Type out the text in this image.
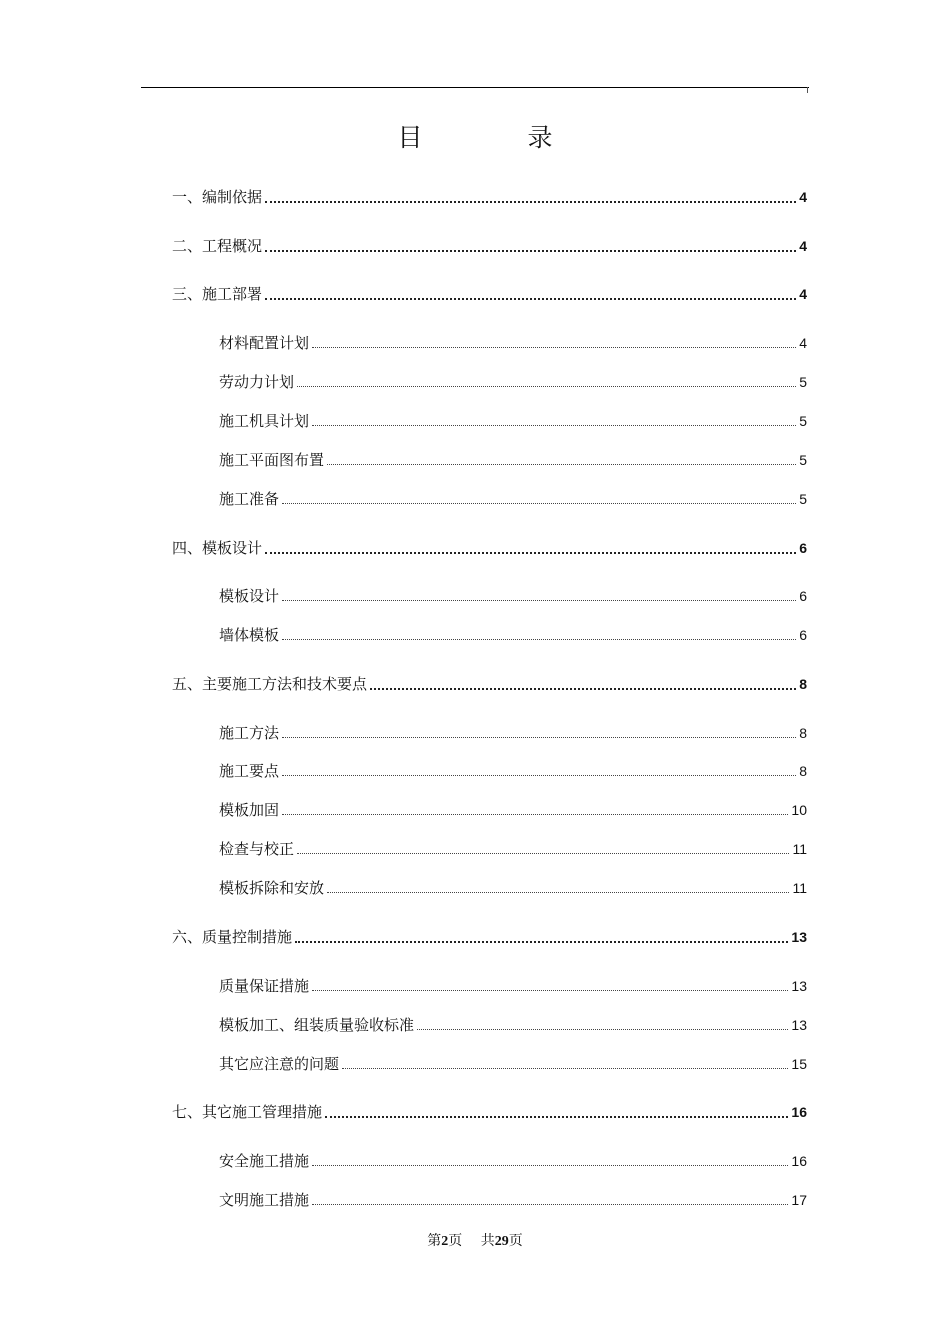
目　录
一、编制依据	4
二、工程概况	4
三、施工部署	4
材料配置计划	4
劳动力计划	5
施工机具计划	5
施工平面图布置	5
施工准备	5
四、模板设计	6
模板设计	6
墙体模板	6
五、主要施工方法和技术要点	8
施工方法	8
施工要点	8
模板加固	10
检查与校正	11
模板拆除和安放	11
六、质量控制措施	13
质量保证措施	13
模板加工、组装质量验收标准	13
其它应注意的问题	15
七、其它施工管理措施	16
安全施工措施	16
文明施工措施	17
第2页　 共29页
